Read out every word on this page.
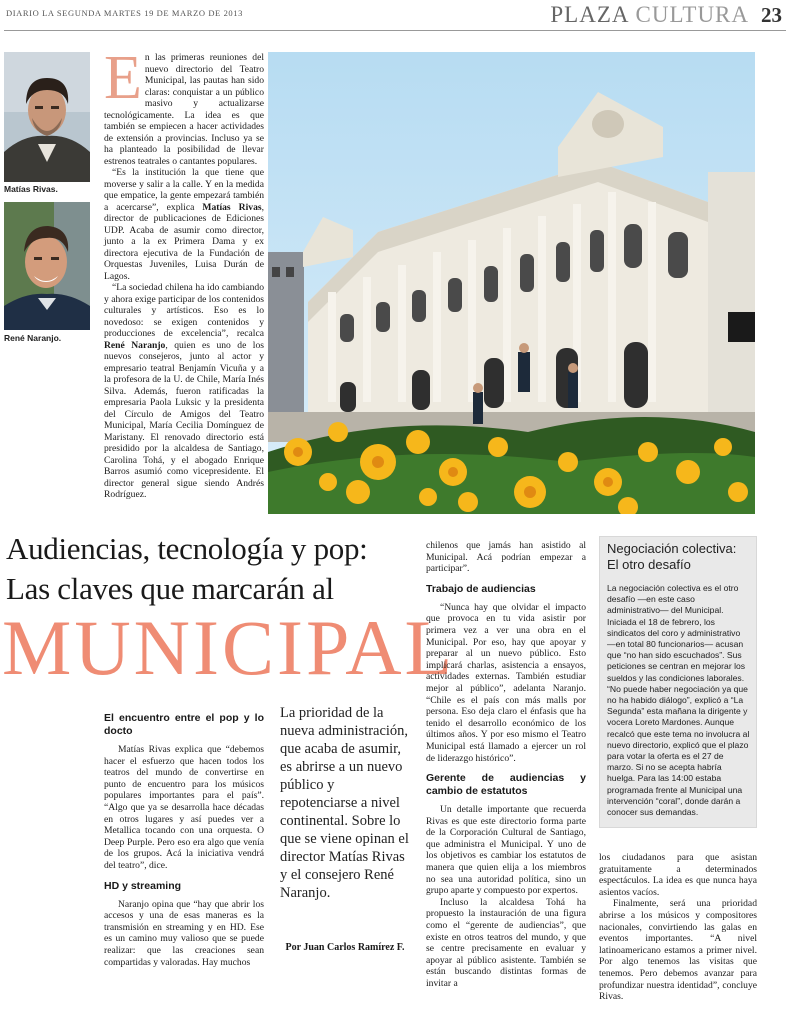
DIARIO LA SEGUNDA MARTES 19 DE MARZO DE 2013	PLAZA CULTURA 23
Matías Rivas.
René Naranjo.
E n las primeras reuniones del nuevo directorio del Teatro Municipal, las pautas han sido claras: conquistar a un público masivo y actualizarse tecnológicamente. La idea es que también se empiecen a hacer actividades de extensión a provincias. Incluso ya se ha planteado la posibilidad de llevar estrenos teatrales o cantantes populares.

“Es la institución la que tiene que moverse y salir a la calle. Y en la medida que empatice, la gente empezará también a acercarse”, explica Matías Rivas, director de publicaciones de Ediciones UDP. Acaba de asumir como director, junto a la ex Primera Dama y ex directora ejecutiva de la Fundación de Orquestas Juveniles, Luisa Durán de Lagos.

“La sociedad chilena ha ido cambiando y ahora exige participar de los contenidos culturales y artísticos. Eso es lo novedoso: se exigen contenidos y producciones de excelencia”, recalca René Naranjo, quien es uno de los nuevos consejeros, junto al actor y empresario teatral Benjamín Vicuña y a la profesora de la U. de Chile, María Inés Silva. Además, fueron ratificadas la empresaria Paola Luksic y la presidenta del Círculo de Amigos del Teatro Municipal, María Cecilia Domínguez de Maristany. El renovado directorio está presidido por la alcaldesa de Santiago, Carolina Tohá, y el abogado Enrique Barros asumió como vicepresidente. El director general sigue siendo Andrés Rodríguez.

Audiencias, tecnología y pop:
Las claves que marcarán al
MUNICIPAL
El encuentro entre el pop y lo docto

Matías Rivas explica que “debemos hacer el esfuerzo que hacen todos los teatros del mundo de convertirse en punto de encuentro para los músicos populares importantes para el país”. “Algo que ya se desarrolla hace décadas en otros lugares y así puedes ver a Metallica tocando con una orquesta. O Deep Purple. Pero eso era algo que venía de los grupos. Acá la iniciativa vendrá del teatro”, dice.

HD y streaming

Naranjo opina que “hay que abrir los accesos y una de esas maneras es la transmisión en streaming y en HD. Ese es un camino muy valioso que se puede realizar: que las creaciones sean compartidas y valoradas. Hay muchos

La prioridad de la nueva administración, que acaba de asumir, es abrirse a un nuevo público y repotenciarse a nivel continental. Sobre lo que se viene opinan el director Matías Rivas y el consejero René Naranjo.
Por Juan Carlos Ramírez F.

chilenos que jamás han asistido al Municipal. Acá podrían empezar a participar”.

Trabajo de audiencias

“Nunca hay que olvidar el impacto que provoca en tu vida asistir por primera vez a ver una obra en el Municipal. Por eso, hay que apoyar y preparar al un nuevo público. Esto implicará charlas, asistencia a ensayos, actividades externas. También estudiar mejor al público”, adelanta Naranjo. “Chile es el país con más malls por persona. Eso deja claro el énfasis que ha tenido el desarrollo económico de los últimos años. Y por eso mismo el Teatro Municipal está llamado a ejercer un rol de liderazgo histórico”.

Gerente de audiencias y cambio de estatutos

Un detalle importante que recuerda Rivas es que este directorio forma parte de la Corporación Cultural de Santiago, que administra el Municipal. Y uno de los objetivos es cambiar los estatutos de manera que quien elija a los miembros no sea una autoridad política, sino un grupo aparte y compuesto por expertos.

Incluso la alcaldesa Tohá ha propuesto la instauración de una figura como el “gerente de audiencias”, que existe en otros teatros del mundo, y que se centre precisamente en evaluar y apoyar al público asistente. También se están buscando distintas formas de invitar a

los ciudadanos para que asistan gratuitamente a determinados espectáculos. La idea es que nunca haya asientos vacíos.

Finalmente, será una prioridad abrirse a los músicos y compositores nacionales, convirtiendo las galas en eventos importantes. “A nivel latinoamericano estamos a primer nivel. Por algo tenemos las visitas que tenemos. Pero debemos avanzar para profundizar nuestra identidad”, concluye Rivas.

Negociación colectiva: El otro desafío
La negociación colectiva es el otro desafío —en este caso administrativo— del Municipal. Iniciada el 18 de febrero, los sindicatos del coro y administrativo —en total 80 funcionarios— acusan que “no han sido escuchados”. Sus peticiones se centran en mejorar los sueldos y las condiciones laborales. “No puede haber negociación ya que no ha habido diálogo”, explicó a “La Segunda” esta mañana la dirigente y vocera Loreto Mardones. Aunque recalcó que este tema no involucra al nuevo directorio, explicó que el plazo para votar la oferta es el 27 de marzo. Si no se acepta habría huelga. Para las 14:00 estaba programada frente al Municipal una intervención “coral”, donde darán a conocer sus demandas.
